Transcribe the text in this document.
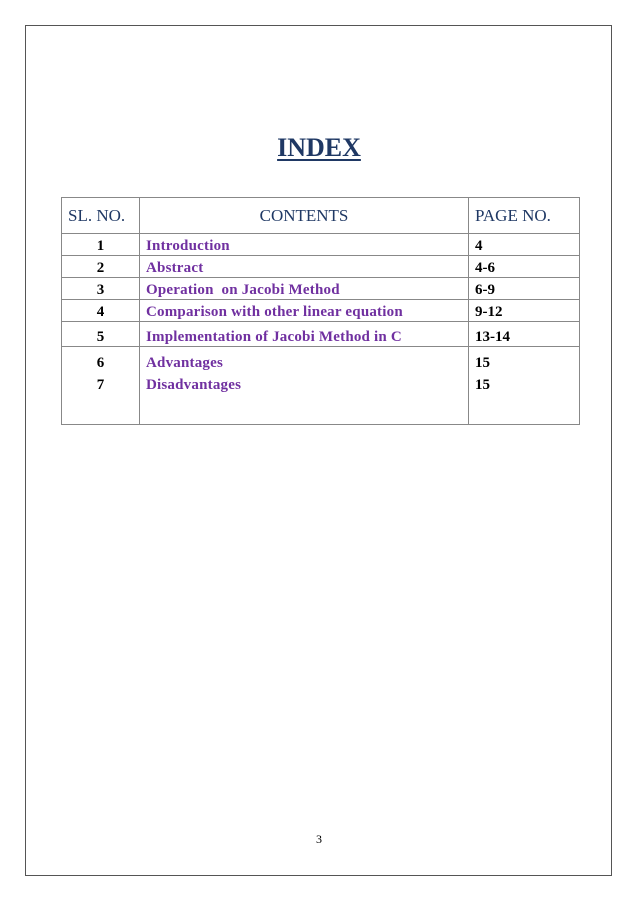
INDEX
SL. NO.	CONTENTS	PAGE NO.
1	Introduction	4
2	Abstract	4-6
3	Operation  on Jacobi Method	6-9
4	Comparison with other linear equation	9-12
5	Implementation of Jacobi Method in C	13-14
6	Advantages	15
7	Disadvantages	15

3
